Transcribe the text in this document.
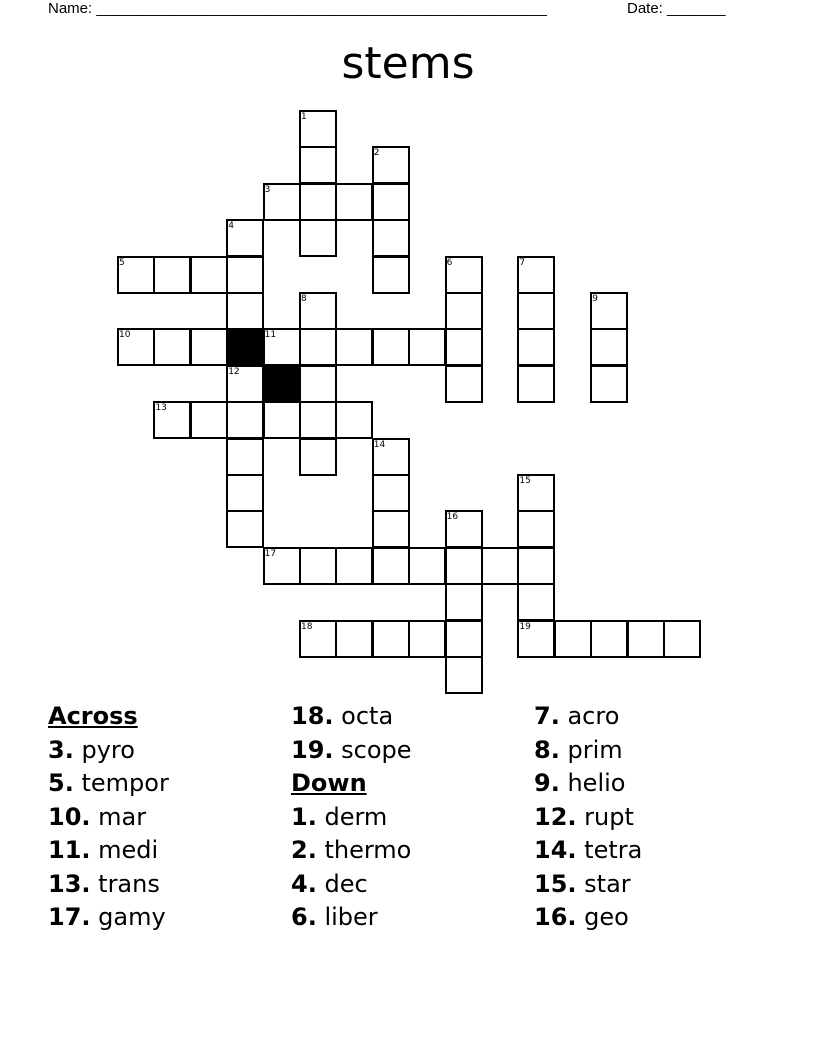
Name: ______________________________________________________	Date: _______
stems
1
2
3
4
5	6	7
8	9
10	11
12
13
14
15
16
17
18	19
Across
3. pyro
5. tempor
10. mar
11. medi
13. trans
17. gamy
18. octa
19. scope
Down
1. derm
2. thermo
4. dec
6. liber
7. acro
8. prim
9. helio
12. rupt
14. tetra
15. star
16. geo
